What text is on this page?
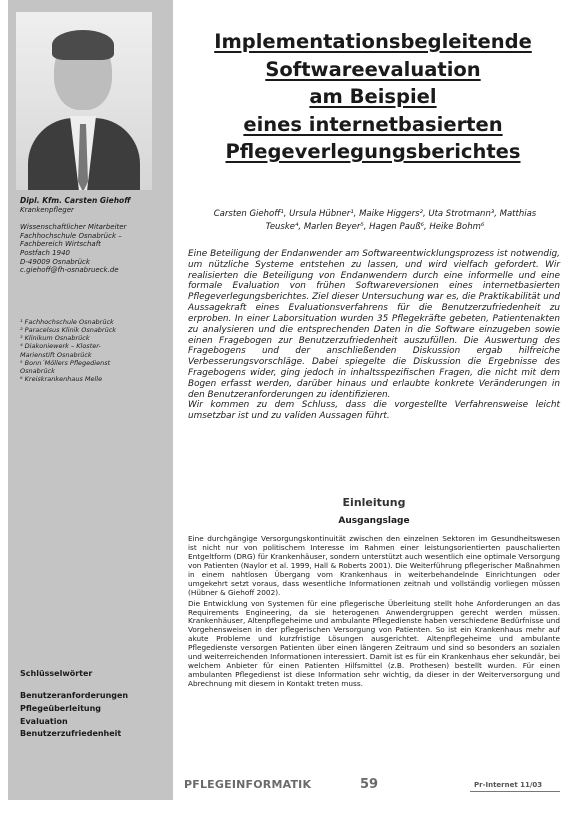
Dipl. Kfm. Carsten Giehoff
Krankenpfleger
Wissenschaftlicher Mitarbeiter
Fachhochschule Osnabrück –
Fachbereich Wirtschaft
Postfach 1940
D-49009 Osnabrück
c.giehoff@fh-osnabrueck.de
¹ Fachhochschule Osnabrück
² Paracelsus Klinik Osnabrück
³ Klinikum Osnabrück
⁴ Diakoniewerk – Kloster-
Marienstift Osnabrück
⁵ Bonn´Möllers Pflegedienst
Osnabrück
⁶ Kreiskrankenhaus Melle
Schlüsselwörter
Benutzeranforderungen
Pflegeüberleitung
Evaluation
Benutzerzufriedenheit
Implementationsbegleitende
Softwareevaluation
am Beispiel
eines internetbasierten
Pflegeverlegungsberichtes
Carsten Giehoff¹, Ursula Hübner¹, Maike Higgers², Uta Strotmann³, Matthias
Teuske⁴, Marlen Beyer⁵, Hagen Pauß⁶, Heike Bohm⁶

Eine Beteiligung der Endanwender am Softwareentwicklungsprozess ist notwendig, um nützliche Systeme entstehen zu lassen, und wird vielfach gefordert. Wir realisierten die Beteiligung von Endanwendern durch eine informelle und eine formale Evaluation von frühen Softwareversionen eines internetbasierten Pflegeverlegungsberichtes. Ziel dieser Untersuchung war es, die Praktikabilität und Aussagekraft eines Evaluationsverfahrens für die Benutzerzufriedenheit zu erproben. In einer Laborsituation wurden 35 Pflegekräfte gebeten, Patientenakten zu analysieren und die entsprechenden Daten in die Software einzugeben sowie einen Fragebogen zur Benutzerzufriedenheit auszufüllen. Die Auswertung des Fragebogens und der anschließenden Diskussion ergab hilfreiche Verbesserungsvorschläge. Dabei spiegelte die Diskussion die Ergebnisse des Fragebogens wider, ging jedoch in inhaltsspezifischen Fragen, die nicht mit dem Bogen erfasst werden, darüber hinaus und erlaubte konkrete Veränderungen in den Benutzeranforderungen zu identifizieren.

Wir kommen zu dem Schluss, dass die vorgestellte Verfahrensweise leicht umsetzbar ist und zu validen Aussagen führt.

Einleitung
Ausgangslage

Eine durchgängige Versorgungskontinuität zwischen den einzelnen Sektoren im Gesundheitswesen ist nicht nur von politischem Interesse im Rahmen einer leistungsorientierten pauschalierten Entgeltform (DRG) für Krankenhäuser, sondern unterstützt auch wesentlich eine optimale Versorgung von Patienten (Naylor et al. 1999, Hall & Roberts 2001). Die Weiterführung pflegerischer Maßnahmen in einem nahtlosen Übergang vom Krankenhaus in weiterbehandelnde Einrichtungen oder umgekehrt setzt voraus, dass wesentliche Informationen zeitnah und vollständig vorliegen müssen (Hübner & Giehoff 2002).

Die Entwicklung von Systemen für eine pflegerische Überleitung stellt hohe Anforderungen an das Requirements Engineering, da sie heterogenen Anwendergruppen gerecht werden müssen. Krankenhäuser, Altenpflegeheime und ambulante Pflegedienste haben verschiedene Bedürfnisse und Vorgehensweisen in der pflegerischen Versorgung von Patienten. So ist ein Krankenhaus mehr auf akute Probleme und kurzfristige Lösungen ausgerichtet. Altenpflegeheime und ambulante Pflegedienste versorgen Patienten über einen längeren Zeitraum und sind so besonders an sozialen und weiterreichenden Informationen interessiert. Damit ist es für ein Krankenhaus eher sekundär, bei welchem Anbieter für einen Patienten Hilfsmittel (z.B. Prothesen) bestellt wurden. Für einen ambulanten Pflegedienst ist diese Information sehr wichtig, da dieser in der Weiterversorgung und Abrechnung mit diesem in Kontakt treten muss.

PFLEGEINFORMATIK	59	Pr-Internet 11/03
